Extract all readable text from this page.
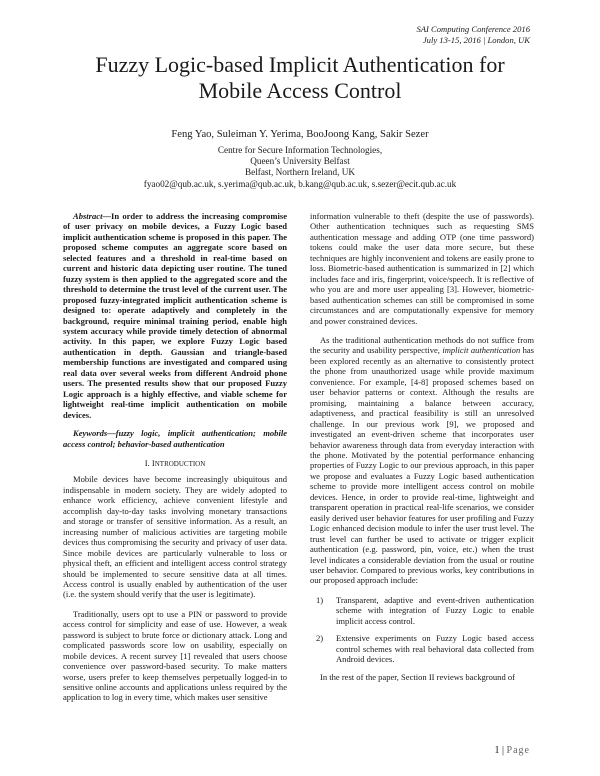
SAI Computing Conference 2016
July 13-15, 2016 | London, UK
Fuzzy Logic-based Implicit Authentication for
Mobile Access Control
Feng Yao, Suleiman Y. Yerima, BooJoong Kang, Sakir Sezer
Centre for Secure Information Technologies,
Queen’s University Belfast
Belfast, Northern Ireland, UK
fyao02@qub.ac.uk, s.yerima@qub.ac.uk, b.kang@qub.ac.uk, s.sezer@ecit.qub.ac.uk

Abstract—In order to address the increasing compromise of user privacy on mobile devices, a Fuzzy Logic based implicit authentication scheme is proposed in this paper. The proposed scheme computes an aggregate score based on selected features and a threshold in real-time based on current and historic data depicting user routine. The tuned fuzzy system is then applied to the aggregated score and the threshold to determine the trust level of the current user. The proposed fuzzy-integrated implicit authentication scheme is designed to: operate adaptively and completely in the background, require minimal training period, enable high system accuracy while provide timely detection of abnormal activity. In this paper, we explore Fuzzy Logic based authentication in depth. Gaussian and triangle-based membership functions are investigated and compared using real data over several weeks from different Android phone users. The presented results show that our proposed Fuzzy Logic approach is a highly effective, and viable scheme for lightweight real-time implicit authentication on mobile devices.

Keywords—fuzzy logic, implicit authentication; mobile access control; behavior-based authentication

I. INTRODUCTION

Mobile devices have become increasingly ubiquitous and indispensable in modern society. They are widely adopted to enhance work efficiency, achieve convenient lifestyle and accomplish day-to-day tasks involving monetary transactions and storage or transfer of sensitive information. As a result, an increasing number of malicious activities are targeting mobile devices thus compromising the security and privacy of user data. Since mobile devices are particularly vulnerable to loss or physical theft, an efficient and intelligent access control strategy should be implemented to secure sensitive data at all times. Access control is usually enabled by authentication of the user (i.e. the system should verify that the user is legitimate).

Traditionally, users opt to use a PIN or password to provide access control for simplicity and ease of use. However, a weak password is subject to brute force or dictionary attack. Long and complicated passwords score low on usability, especially on mobile devices. A recent survey [1] revealed that users choose convenience over password-based security. To make matters worse, users prefer to keep themselves perpetually logged-in to sensitive online accounts and applications unless required by the application to log in every time, which makes user sensitive

information vulnerable to theft (despite the use of passwords). Other authentication techniques such as requesting SMS authentication message and adding OTP (one time password) tokens could make the user data more secure, but these techniques are highly inconvenient and tokens are easily prone to loss. Biometric-based authentication is summarized in [2] which includes face and iris, fingerprint, voice/speech. It is reflective of who you are and more user appealing [3]. However, biometric-based authentication schemes can still be compromised in some circumstances and are computationally expensive for memory and power constrained devices.

As the traditional authentication methods do not suffice from the security and usability perspective, implicit authentication has been explored recently as an alternative to consistently protect the phone from unauthorized usage while provide maximum convenience. For example, [4-8] proposed schemes based on user behavior patterns or context. Although the results are promising, maintaining a balance between accuracy, adaptiveness, and practical feasibility is still an unresolved challenge. In our previous work [9], we proposed and investigated an event-driven scheme that incorporates user behavior awareness through data from everyday interaction with the phone. Motivated by the potential performance enhancing properties of Fuzzy Logic to our previous approach, in this paper we propose and evaluates a Fuzzy Logic based authentication scheme to provide more intelligent access control on mobile devices. Hence, in order to provide real-time, lightweight and transparent operation in practical real-life scenarios, we consider easily derived user behavior features for user profiling and Fuzzy Logic enhanced decision module to infer the user trust level. The trust level can further be used to activate or trigger explicit authentication (e.g. password, pin, voice, etc.) when the trust level indicates a considerable deviation from the usual or routine user behavior. Compared to previous works, key contributions in our proposed approach include:

1)	Transparent, adaptive and event-driven authentication scheme with integration of Fuzzy Logic to enable implicit access control.
2)	Extensive experiments on Fuzzy Logic based access control schemes with real behavioral data collected from Android devices.

In the rest of the paper, Section II reviews background of

1 | Page
